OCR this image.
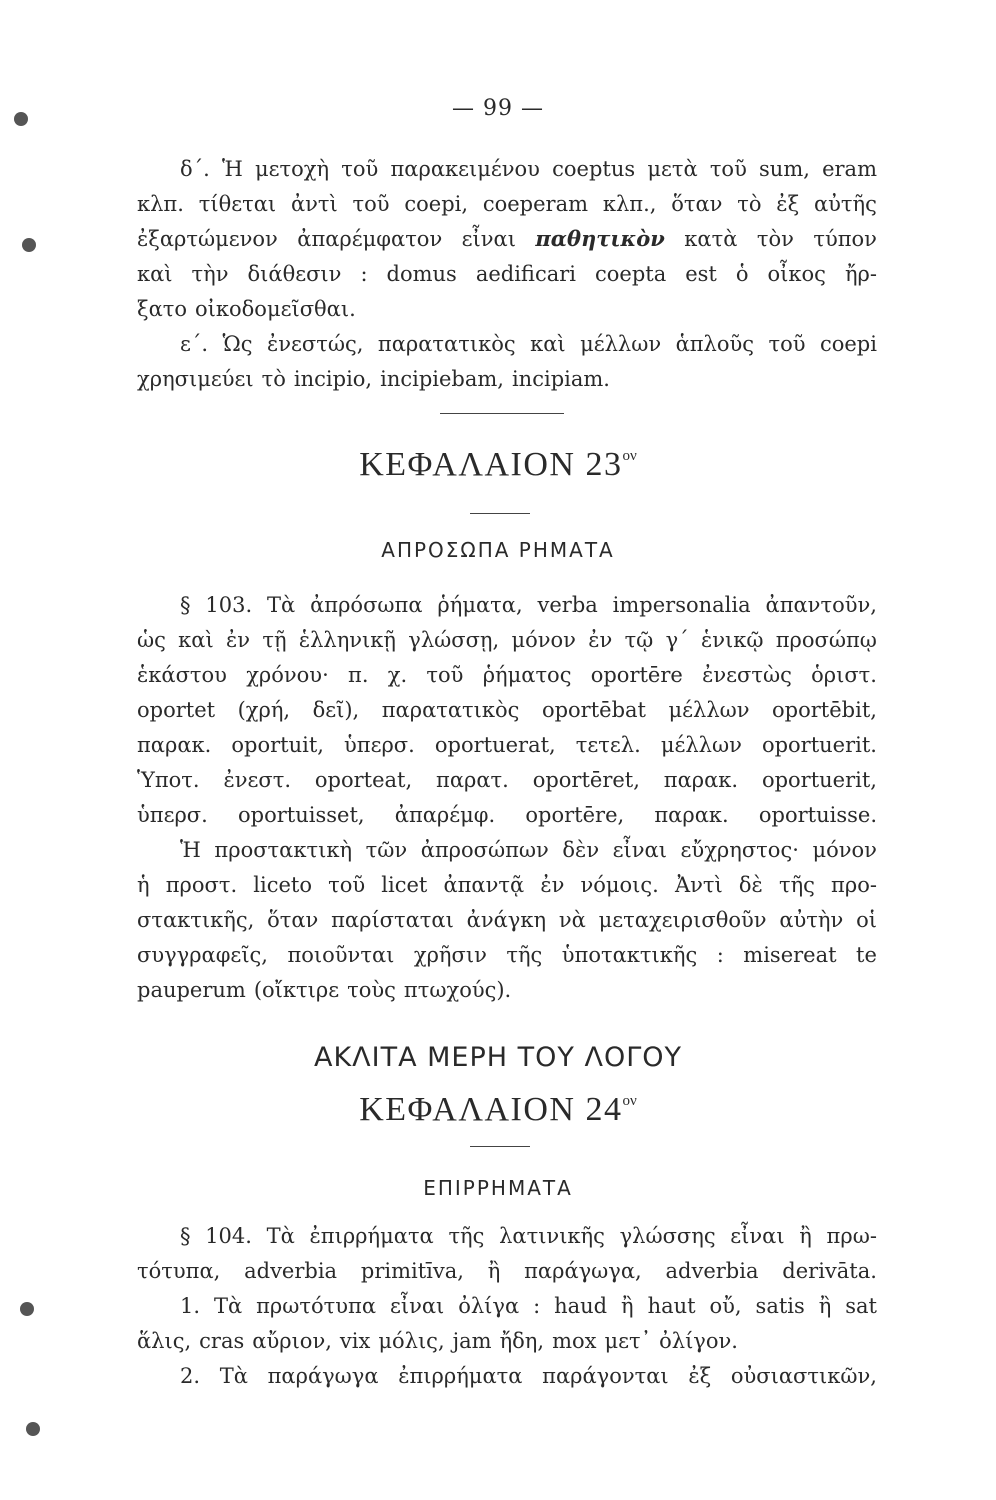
— 99 —
δ΄. Ἡ μετοχὴ τοῦ παρακειμένου coeptus μετὰ τοῦ sum, eram
κλπ. τίθεται ἀντὶ τοῦ coepi, coeperam κλπ., ὅταν τὸ ἐξ αὐτῆς
ἐξαρτώμενον ἀπαρέμφατον εἶναι παθητικὸν κατὰ τὸν τύπον
καὶ τὴν διάθεσιν : domus aedificari coepta est ὁ οἶκος ἤρ-
ξατο οἰκοδομεῖσθαι.
ε΄. Ὡς ἐνεστώς, παρατατικὸς καὶ μέλλων ἁπλοῦς τοῦ coepi
χρησιμεύει τὸ incipio, incipiebam, incipiam.
ΚΕΦΑΛΑΙΟΝ $23^{o\nu}$
ΑΠΡΟΣΩΠΑ ΡΗΜΑΤΑ
§ 103. Τὰ ἀπρόσωπα ῥήματα, verba impersonalia ἀπαντοῦν,
ὡς καὶ ἐν τῇ ἑλληνικῇ γλώσσῃ, μόνον ἐν τῷ γ΄ ἑνικῷ προσώπῳ
ἑκάστου χρόνου· π. χ. τοῦ ῥήματος oportēre ἐνεστὼς ὁριστ.
oportet (χρή, δεῖ), παρατατικὸς oportēbat μέλλων oportēbit,
παρακ. oportuit, ὑπερσ. oportuerat, τετελ. μέλλων oportuerit.
Ὑποτ. ἐνεστ. oporteat, παρατ. oportēret, παρακ. oportuerit,
ὑπερσ. oportuisset, ἀπαρέμφ. oportēre, παρακ. oportuisse.
Ἡ προστακτικὴ τῶν ἀπροσώπων δὲν εἶναι εὔχρηστος· μόνον
ἡ προστ. liceto τοῦ licet ἀπαντᾷ ἐν νόμοις. Ἀντὶ δὲ τῆς προ-
στακτικῆς, ὅταν παρίσταται ἀνάγκη νὰ μεταχειρισθοῦν αὐτὴν οἱ
συγγραφεῖς, ποιοῦνται χρῆσιν τῆς ὑποτακτικῆς : misereat te
pauperum (οἴκτιρε τοὺς πτωχούς).
ΑΚΛΙΤΑ ΜΕΡΗ ΤΟΥ ΛΟΓΟΥ
ΚΕΦΑΛΑΙΟΝ $24^{o\nu}$
ΕΠΙΡΡΗΜΑΤΑ
§ 104. Τὰ ἐπιρρήματα τῆς λατινικῆς γλώσσης εἶναι ἢ πρω-
τότυπα, adverbia primitīva, ἢ παράγωγα, adverbia derivāta.
1. Τὰ πρωτότυπα εἶναι ὀλίγα : haud ἢ haut οὔ, satis ἢ sat
ἅλις, cras αὔριον, vix μόλις, jam ἤδη, mox μετ᾽ ὀλίγον.
2. Τὰ παράγωγα ἐπιρρήματα παράγονται ἐξ οὐσιαστικῶν,
